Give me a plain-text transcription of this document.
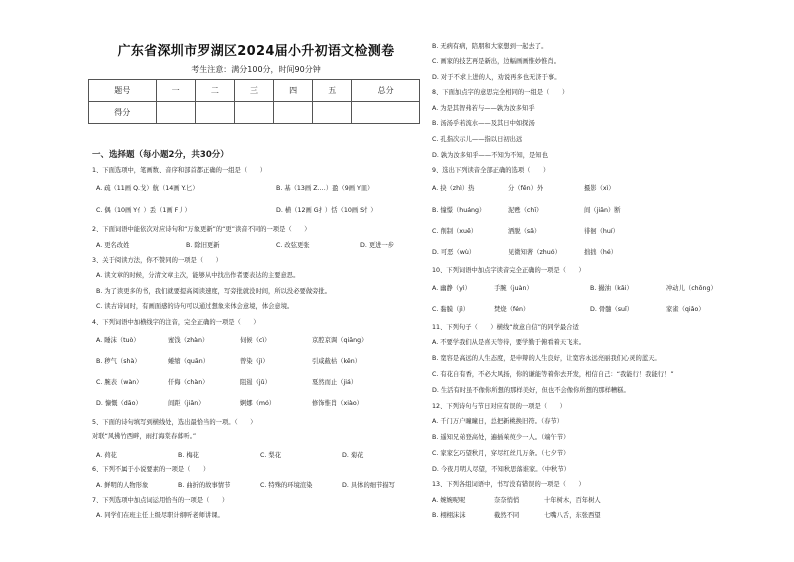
广东省深圳市罗湖区2024届小升初语文检测卷
考生注意：满分100分，时间90分钟
题号	一	二	三	四	五	总分
得分						
一、选择题（每小题2分，共30分）
1、下面选项中，笔画数、音序和部首都正确的一组是（　　）
A. 疏（11画 Q.戈）航（14画 Y.匕）	B. 基（13画 Z.…）盈（9画 Y皿）
C. 偶（10画 Y亻）丢（1画 F丿）	D. 横（12画 G扌）恬（10画 S忄）
2、下面词语中能依次对应诗句和“万象更新”的“更”读音不同的一项是（　　）
A. 更名改姓	B. 除旧更新	C. 改弦更张	D. 更进一步
3、关于阅读方法，你不赞同的一项是（　　）
A. 读文章的时候，分清文章主次，能够从中找出作者要表达的主要意思。
B. 为了读更多的书，我们就要提高阅读速度，写旁批就没时间，所以没必要做旁批。
C. 读古诗词时，有画面感的诗句可以通过想象来体会意境，体会意境。
4、下列词语中加横线字的注音，完全正确的一项是（　　）
A. 睡沫（tuò）	蜜饯（zhàn）	伺候（cì）	京腔京调（qiāng）
B. 秽气（shà）	蜷缩（quān）	曾染（jì）	引咸截枯（kěn）
C. 腕表（wàn）	仟侮（chàn）	阻遏（jǔ）	戛然而止（jiá）
D. 慷慨（dāo）	间距（jiān）	婀娜（mó）	修饰惟肖（xiào）
5、下面的诗句填写到横线处，选出最恰当的一项。（　　）
对联“风拂竹西畔，雨打海棠春暮听。”
A. 荷花	B. 梅花	C. 梨花	D. 菊花
6、下列不属于小说要素的一项是（　　）
A. 鲜明的人物形象	B. 曲折的故事情节	C. 特殊的环境渲染	D. 具体的细节描写
7、下列选项中加点词运用恰当的一项是（　　）
A. 同学们在班主任上级尽职计纲听老师讲课。
B. 无病有病，陪朋和大家想到一起去了。
C. 画家的技艺再是新出，边幅画画惟妙惟肖。
D. 对于不求上进的人，劝说再多也无济于事。
8、下面加点字的意思完全相同的一组是（　　）
A. 为是其智弗若与——孰为汝多知乎
B. 汤汤乎若流水——及其日中如探汤
C. 孔指次示儿——指以日初出远
D. 孰为汝多知乎——不知为不知，是知也
9、选出下列读音全部正确的选项（　　）
A. 抉（zhì）热	分（fēn）外	摄影（xì）
B. 憧憬（huáng）	泥甦（chī）	间（jiān）断
C. 削制（xuē）	洒脱（sǎ）	徘徊（huí）
D. 可恶（wù）	见微知著（zhuó）	拙拙（hé）
10、下列词语中加点字读音完全正确的一项是（　　）
A. 幽静（yì）	手腕（juàn）	B. 撮油（kāi）	冲动儿（chōng）
C. 黏膜（jì）	焚烧（fén）	D. 骨髓（suǐ）	家雀（qiǎo）
11、下列句子（　　）横线“故意自信”的同学最合适
A. 不要学我们从是喜天等待，要学勤于俯看着天飞来。
B. 宽容是高远的人生态度，是申辩的人生良好，让宽容永远亮丽我们心灵的蓝天。
C. 有花自有香，不必大风扬，你的谦能等着你去开发，相信自己：“我能行！我能行！”
D. 生活有时虽不像你所想的那样美好，但也不会像你所想的那样糟糕。
12、下列诗句与节日对应有误的一项是（　　）
A. 千门万户曈曈日，总把新桃换旧符。（春节）
B. 遥知兄弟登高处，遍插茱萸少一人。（端午节）
C. 家家乞巧望秋月，穿尽红丝几万条。（七夕节）
D. 今夜月明人尽望，不知秋思落谁家。（中秋节）
13、下列各组词语中，书写没有错误的一项是（　　）
A. 婉婉呢呢	奈奈悄悄	十年树木，百年树人
B. 栩栩沫沫	截然不同	七嘴八舌，东张西望
